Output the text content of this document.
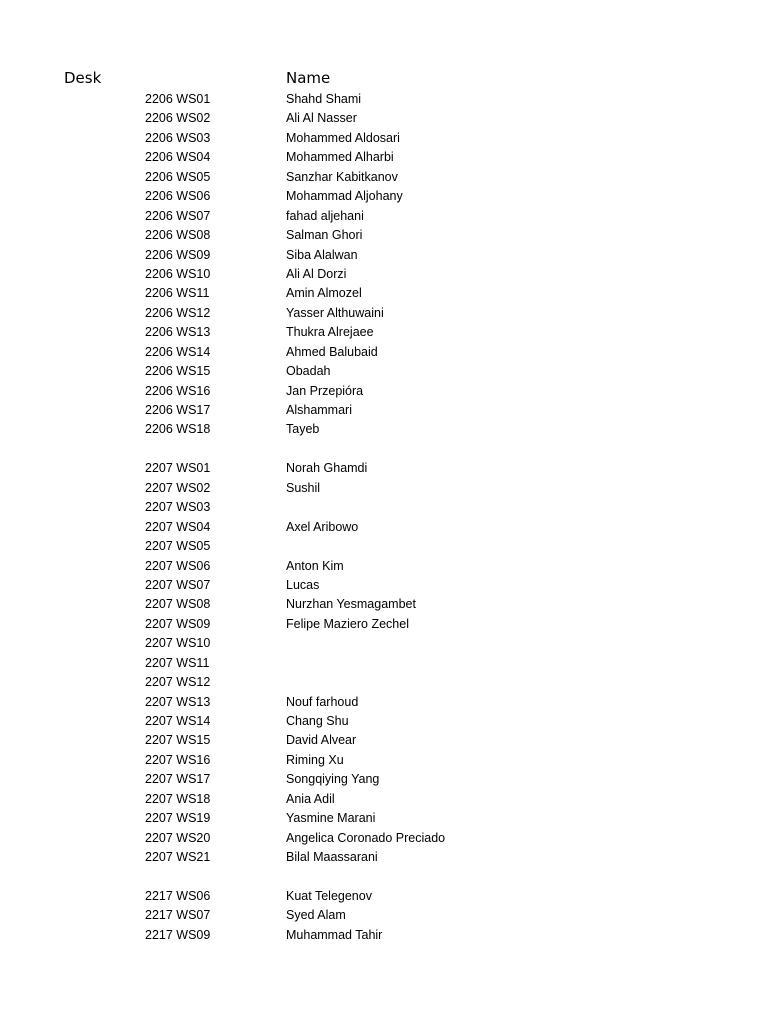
Desk	Name
2206 WS01	Shahd Shami
2206 WS02	Ali Al Nasser
2206 WS03	Mohammed Aldosari
2206 WS04	Mohammed Alharbi
2206 WS05	Sanzhar Kabitkanov
2206 WS06	Mohammad Aljohany
2206 WS07	fahad aljehani
2206 WS08	Salman Ghori
2206 WS09	Siba Alalwan
2206 WS10	Ali Al Dorzi
2206 WS11	Amin Almozel
2206 WS12	Yasser Althuwaini
2206 WS13	Thukra Alrejaee
2206 WS14	Ahmed Balubaid
2206 WS15	Obadah
2206 WS16	Jan Przepióra
2206 WS17	Alshammari
2206 WS18	Tayeb
2207 WS01	Norah Ghamdi
2207 WS02	Sushil
2207 WS03
2207 WS04	Axel Aribowo
2207 WS05
2207 WS06	Anton Kim
2207 WS07	Lucas
2207 WS08	Nurzhan Yesmagambet
2207 WS09	Felipe Maziero Zechel
2207 WS10
2207 WS11
2207 WS12
2207 WS13	Nouf farhoud
2207 WS14	Chang Shu
2207 WS15	David Alvear
2207 WS16	Riming Xu
2207 WS17	Songqiying Yang
2207 WS18	Ania Adil
2207 WS19	Yasmine Marani
2207 WS20	Angelica Coronado Preciado
2207 WS21	Bilal Maassarani
2217 WS06	Kuat Telegenov
2217 WS07	Syed Alam
2217 WS09	Muhammad Tahir
